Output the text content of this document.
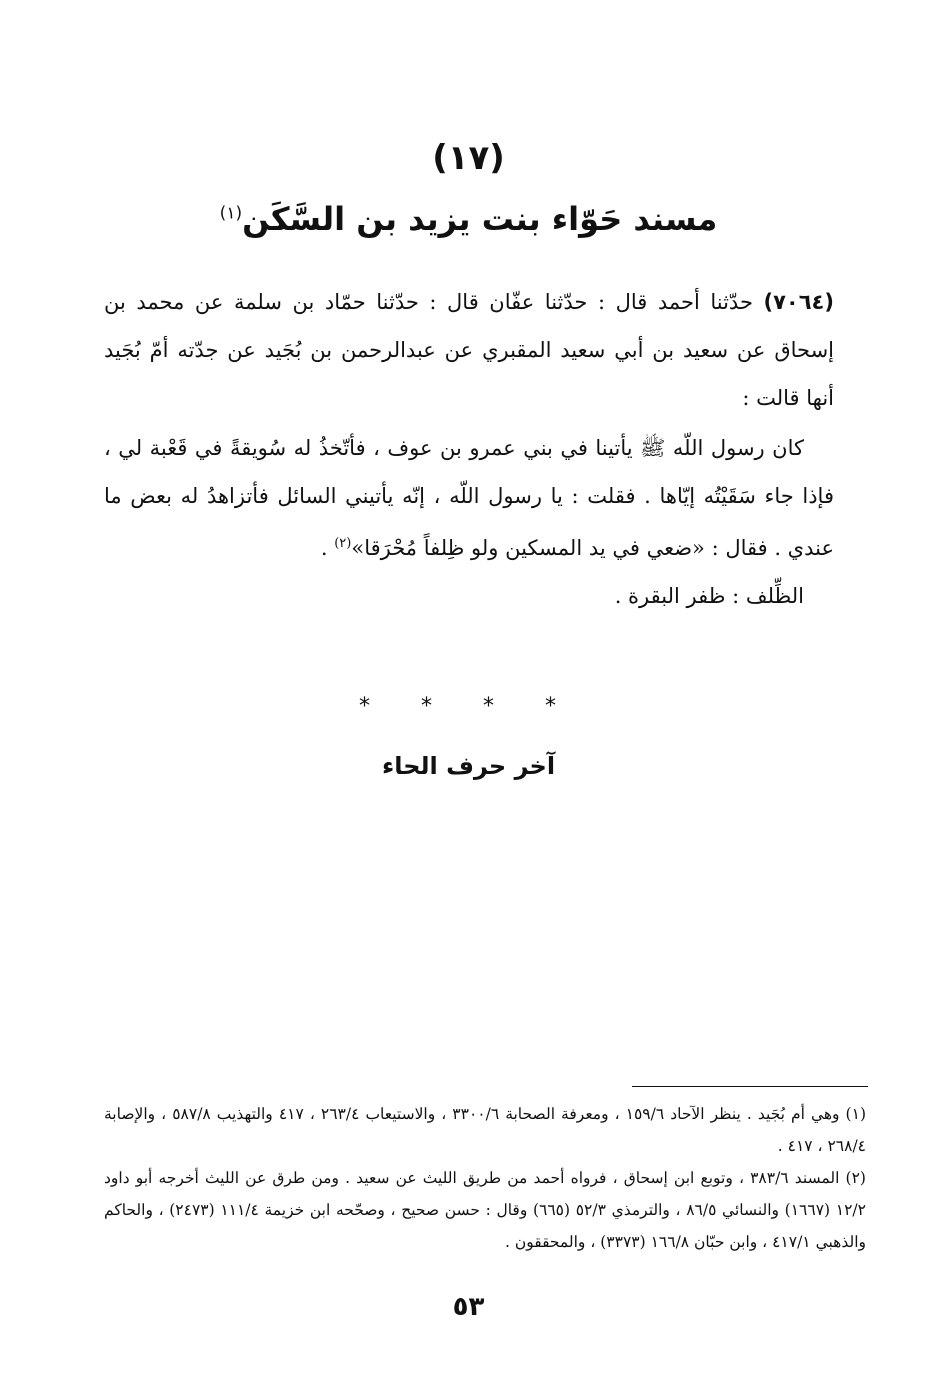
(١٧)
مسند حَوّاء بنت يزيد بن السَّكَن$^{(١)}$
(٧٠٦٤) حدّثنا أحمد قال : حدّثنا عفّان قال : حدّثنا حمّاد بن سلمة عن محمد بن إسحاق عن سعيد بن أبي سعيد المقبري عن عبدالرحمن بن بُجَيد عن جدّته أمّ بُجَيد أنها قالت :
كان رسول اللّه ﷺ يأتينا في بني عمرو بن عوف ، فأتّخذُ له سُويقةً في قَعْبة لي ، فإذا جاء سَقَيْتُه إيّاها . فقلت : يا رسول اللّه ، إنّه يأتيني السائل فأتزاهدُ له بعض ما عندي . فقال : «ضعي في يد المسكين ولو ظِلفاً مُحْرَقا»$^{(٢)}$ .
الظِّلف : ظفر البقرة .
* * * *
آخر حرف الحاء

(١) وهي أم بُجَيد . ينظر الآحاد ١٥٩/٦ ، ومعرفة الصحابة ٣٣٠٠/٦ ، والاستيعاب ٢٦٣/٤ ، ٤١٧ والتهذيب ٥٨٧/٨ ، والإصابة ٢٦٨/٤ ، ٤١٧ .

(٢) المسند ٣٨٣/٦ ، وتوبع ابن إسحاق ، فرواه أحمد من طريق الليث عن سعيد . ومن طرق عن الليث أخرجه أبو داود ١٢/٢ (١٦٦٧) والنسائي ٨٦/٥ ، والترمذي ٥٢/٣ (٦٦٥) وقال : حسن صحيح ، وصحّحه ابن خزيمة ١١١/٤ (٢٤٧٣) ، والحاكم والذهبي ٤١٧/١ ، وابن حبّان ١٦٦/٨ (٣٣٧٣) ، والمحققون .

٥٣
